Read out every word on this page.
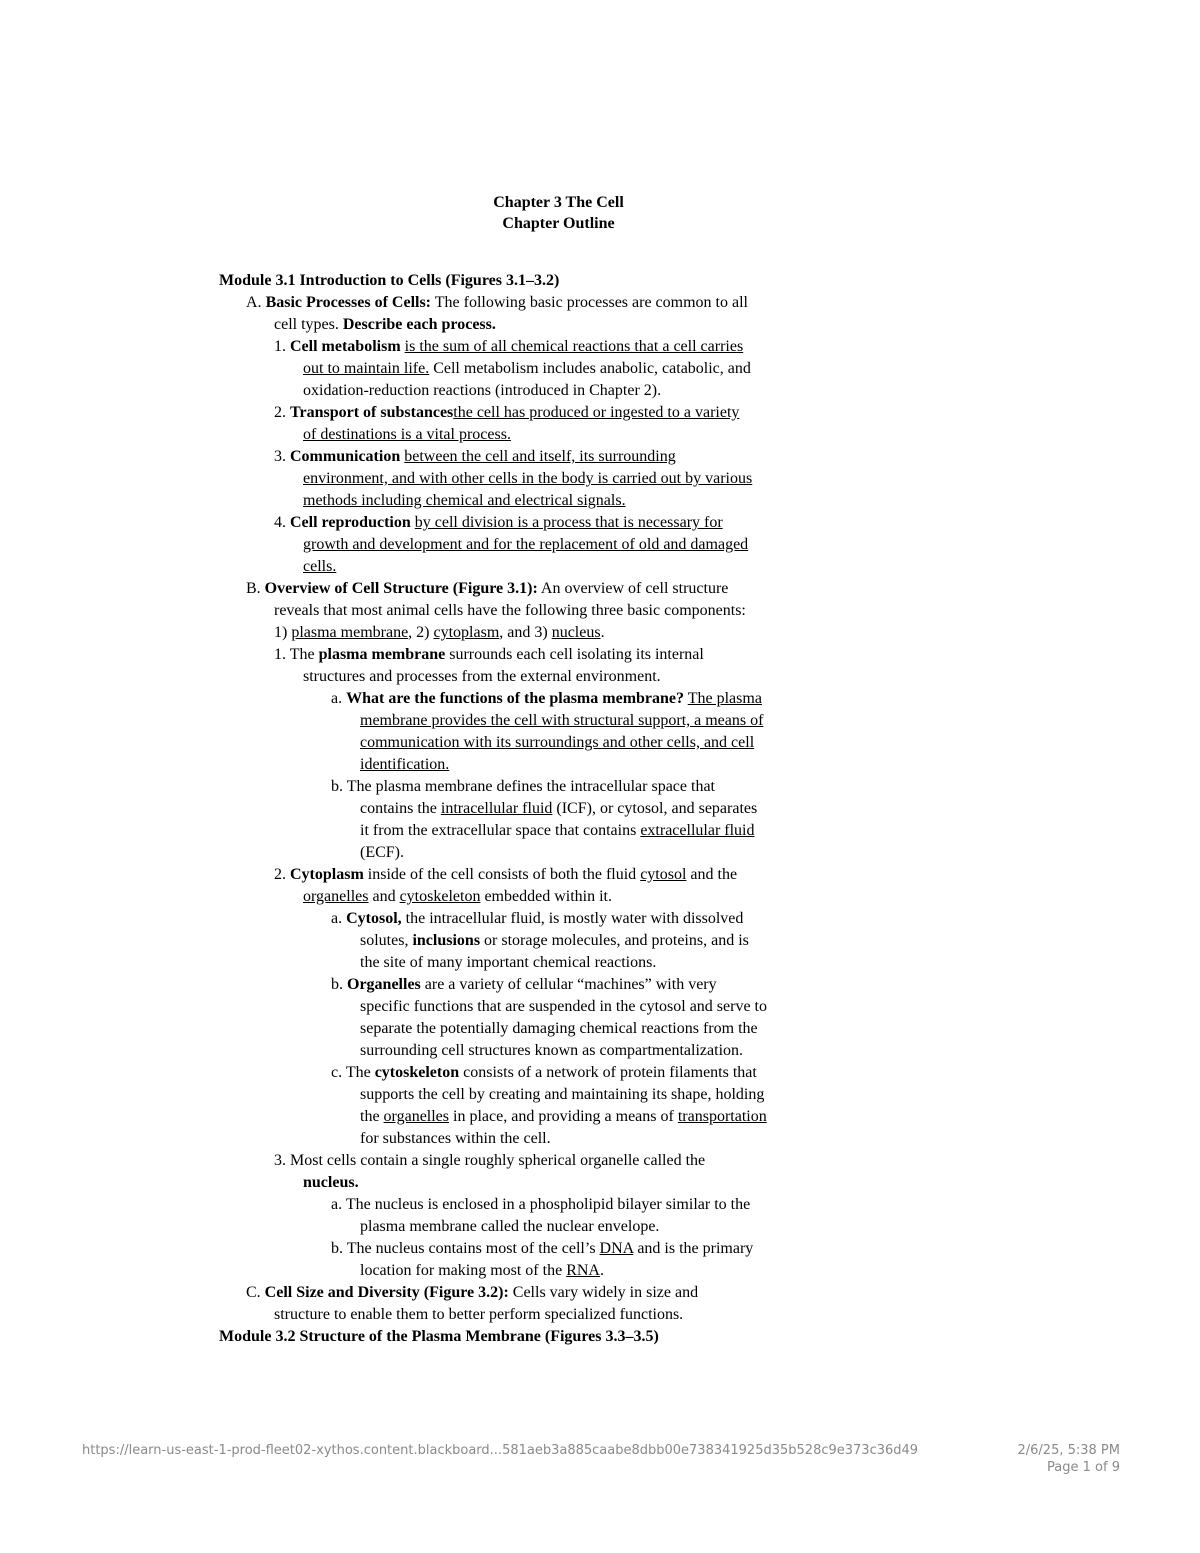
Chapter 3 The Cell
Chapter Outline
Module 3.1 Introduction to Cells (Figures 3.1–3.2)
A. Basic Processes of Cells: The following basic processes are common to all
cell types. Describe each process.
1. Cell metabolism is the sum of all chemical reactions that a cell carries
out to maintain life. Cell metabolism includes anabolic, catabolic, and
oxidation-reduction reactions (introduced in Chapter 2).
2. Transport of substancesthe cell has produced or ingested to a variety
of destinations is a vital process.
3. Communication between the cell and itself, its surrounding
environment, and with other cells in the body is carried out by various
methods including chemical and electrical signals.
4. Cell reproduction by cell division is a process that is necessary for
growth and development and for the replacement of old and damaged
cells.
B. Overview of Cell Structure (Figure 3.1): An overview of cell structure
reveals that most animal cells have the following three basic components:
1) plasma membrane, 2) cytoplasm, and 3) nucleus.
1. The plasma membrane surrounds each cell isolating its internal
structures and processes from the external environment.
a. What are the functions of the plasma membrane? The plasma
membrane provides the cell with structural support, a means of
communication with its surroundings and other cells, and cell
identification.
b. The plasma membrane defines the intracellular space that
contains the intracellular fluid (ICF), or cytosol, and separates
it from the extracellular space that contains extracellular fluid
(ECF).
2. Cytoplasm inside of the cell consists of both the fluid cytosol and the
organelles and cytoskeleton embedded within it.
a. Cytosol, the intracellular fluid, is mostly water with dissolved
solutes, inclusions or storage molecules, and proteins, and is
the site of many important chemical reactions.
b. Organelles are a variety of cellular “machines” with very
specific functions that are suspended in the cytosol and serve to
separate the potentially damaging chemical reactions from the
surrounding cell structures known as compartmentalization.
c. The cytoskeleton consists of a network of protein filaments that
supports the cell by creating and maintaining its shape, holding
the organelles in place, and providing a means of transportation
for substances within the cell.
3. Most cells contain a single roughly spherical organelle called the
nucleus.
a. The nucleus is enclosed in a phospholipid bilayer similar to the
plasma membrane called the nuclear envelope.
b. The nucleus contains most of the cell’s DNA and is the primary
location for making most of the RNA.
C. Cell Size and Diversity (Figure 3.2): Cells vary widely in size and
structure to enable them to better perform specialized functions.
Module 3.2 Structure of the Plasma Membrane (Figures 3.3–3.5)
https://learn-us-east-1-prod-fleet02-xythos.content.blackboard...581aeb3a885caabe8dbb00e738341925d35b528c9e373c36d49	2/6/25, 5:38 PM
Page 1 of 9
